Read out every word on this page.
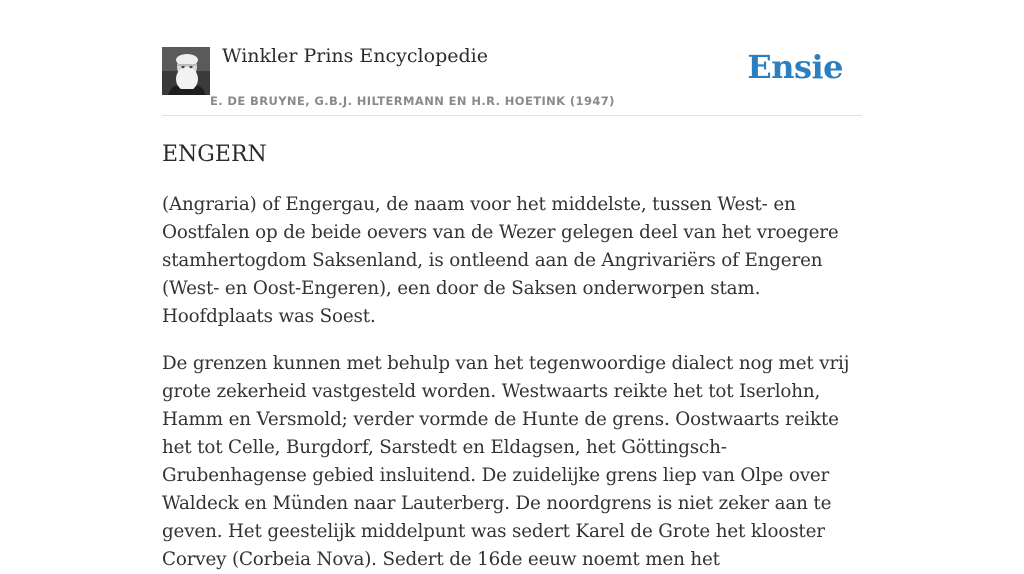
Winkler Prins Encyclopedie
E. DE BRUYNE, G.B.J. HILTERMANN EN H.R. HOETINK (1947)
Ensie
ENGERN

(Angraria) of Engergau, de naam voor het middelste, tussen West- en Oostfalen op de beide oevers van de Wezer gelegen deel van het vroegere stamhertogdom Saksenland, is ontleend aan de Angrivariërs of Engeren (West- en Oost-Engeren), een door de Saksen onderworpen stam. Hoofdplaats was Soest.

De grenzen kunnen met behulp van het tegenwoordige dialect nog met vrij grote zekerheid vastgesteld worden. Westwaarts reikte het tot Iserlohn, Hamm en Versmold; verder vormde de Hunte de grens. Oostwaarts reikte het tot Celle, Burgdorf, Sarstedt en Eldagsen, het Göttingsch-Grubenhagense gebied insluitend. De zuidelijke grens liep van Olpe over Waldeck en Münden naar Lauterberg. De noordgrens is niet zeker aan te geven. Het geestelijk middelpunt was sedert Karel de Grote het klooster Corvey (Corbeia Nova). Sedert de 16de eeuw noemt men het
